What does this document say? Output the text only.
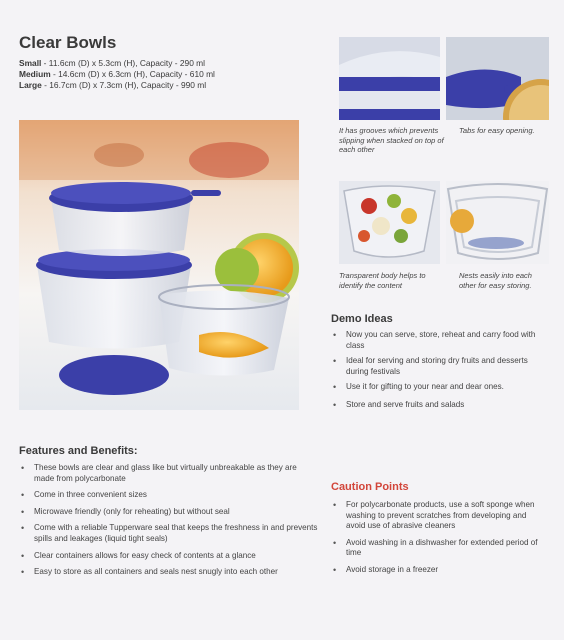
Clear Bowls
Small - 11.6cm (D) x 5.3cm (H), Capacity - 290 ml
Medium - 14.6cm (D) x 6.3cm (H), Capacity - 610 ml
Large - 16.7cm (D) x 7.3cm (H), Capacity - 990 ml
It has grooves which prevents slipping when stacked on top of each other
Tabs for easy opening.
Transparent body helps to identify the content
Nests easily into each other for easy storing.
Demo Ideas
• Now you can serve, store, reheat and carry food with class
• Ideal for serving and storing dry fruits and desserts during festivals
• Use it for gifting to your near and dear ones.
• Store and serve fruits and salads
Features and Benefits:
• These bowls are clear and glass like but virtually unbreakable as they are made from polycarbonate
• Come in three convenient sizes
• Microwave friendly (only for reheating) but without seal
• Come with a reliable Tupperware seal that keeps the freshness in and prevents spills and leakages (liquid tight seals)
• Clear containers allows for easy check of contents at a glance
• Easy to store as all containers and seals nest snugly into each other
Caution Points
• For polycarbonate products, use a soft sponge when washing to prevent scratches from developing and avoid use of abrasive cleaners
• Avoid washing in a dishwasher for extended period of time
• Avoid storage in a freezer
